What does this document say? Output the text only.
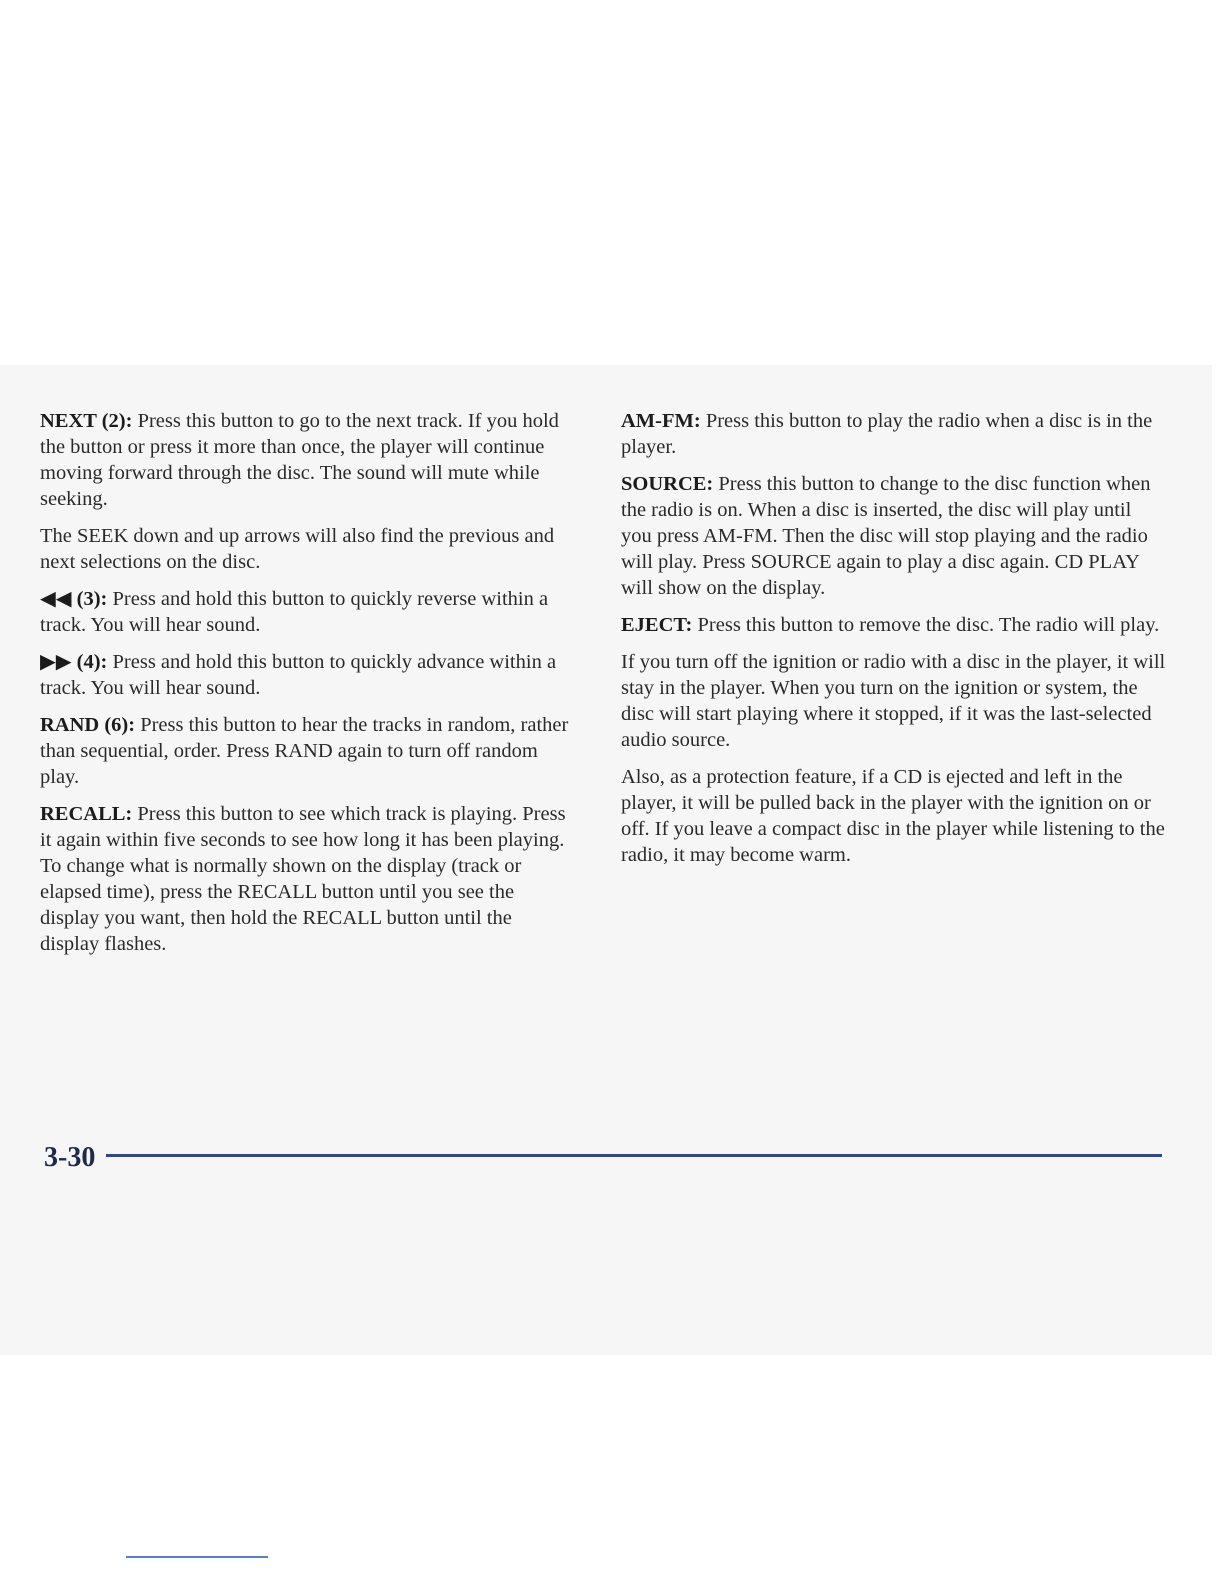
NEXT (2): Press this button to go to the next track. If you hold the button or press it more than once, the player will continue moving forward through the disc. The sound will mute while seeking.

The SEEK down and up arrows will also find the previous and next selections on the disc.

◀◀ (3): Press and hold this button to quickly reverse within a track. You will hear sound.

▶▶ (4): Press and hold this button to quickly advance within a track. You will hear sound.

RAND (6): Press this button to hear the tracks in random, rather than sequential, order. Press RAND again to turn off random play.

RECALL: Press this button to see which track is playing. Press it again within five seconds to see how long it has been playing. To change what is normally shown on the display (track or elapsed time), press the RECALL button until you see the display you want, then hold the RECALL button until the display flashes.

AM-FM: Press this button to play the radio when a disc is in the player.

SOURCE: Press this button to change to the disc function when the radio is on. When a disc is inserted, the disc will play until you press AM-FM. Then the disc will stop playing and the radio will play. Press SOURCE again to play a disc again. CD PLAY will show on the display.

EJECT: Press this button to remove the disc. The radio will play.

If you turn off the ignition or radio with a disc in the player, it will stay in the player. When you turn on the ignition or system, the disc will start playing where it stopped, if it was the last-selected audio source.

Also, as a protection feature, if a CD is ejected and left in the player, it will be pulled back in the player with the ignition on or off. If you leave a compact disc in the player while listening to the radio, it may become warm.

3-30
